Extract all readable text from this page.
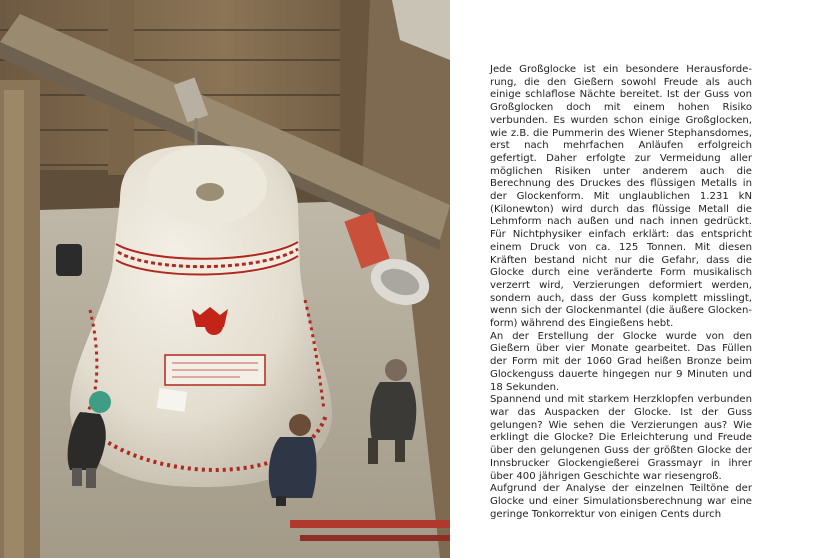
Jede Großglocke ist ein besondere Herausforderung, die den Gießern sowohl Freude als auch einige schlaflose Nächte bereitet. Ist der Guss von Großglocken doch mit einem hohen Risiko verbunden. Es wurden schon einige Großglocken, wie z.B. die Pummerin des Wiener Stephansdomes, erst nach mehrfachen Anläufen erfolgreich gefertigt. Daher erfolgte zur Vermeidung aller möglichen Risiken unter anderem auch die Berechnung des Druckes des flüssigen Metalls in der Glockenform. Mit unglaublichen 1.231 kN (Kilonewton) wird durch das flüssige Metall die Lehmform nach außen und nach innen gedrückt. Für Nichtphysiker einfach erklärt: das entspricht einem Druck von ca. 125 Tonnen. Mit diesen Kräften bestand nicht nur die Gefahr, dass die Glocke durch eine veränderte Form musikalisch verzerrt wird, Verzierungen deformiert werden, sondern auch, dass der Guss komplett misslingt, wenn sich der Glockenmantel (die äußere Glockenform) während des Eingießens hebt.

An der Erstellung der Glocke wurde von den Gießern über vier Monate gearbeitet. Das Füllen der Form mit der 1060 Grad heißen Bronze beim Glockenguss dauerte hingegen nur 9 Minuten und 18 Sekunden.

Spannend und mit starkem Herzklopfen verbunden war das Auspacken der Glocke. Ist der Guss gelungen? Wie sehen die Verzierungen aus? Wie erklingt die Glocke? Die Erleichterung und Freude über den gelungenen Guss der größten Glocke der Innsbrucker Glockengießerei Grassmayr in ihrer über 400 jährigen Geschichte war riesengroß.

Aufgrund der Analyse der einzelnen Teiltöne der Glocke und einer Simulationsberechnung war eine geringe Tonkorrektur von einigen Cents durch
